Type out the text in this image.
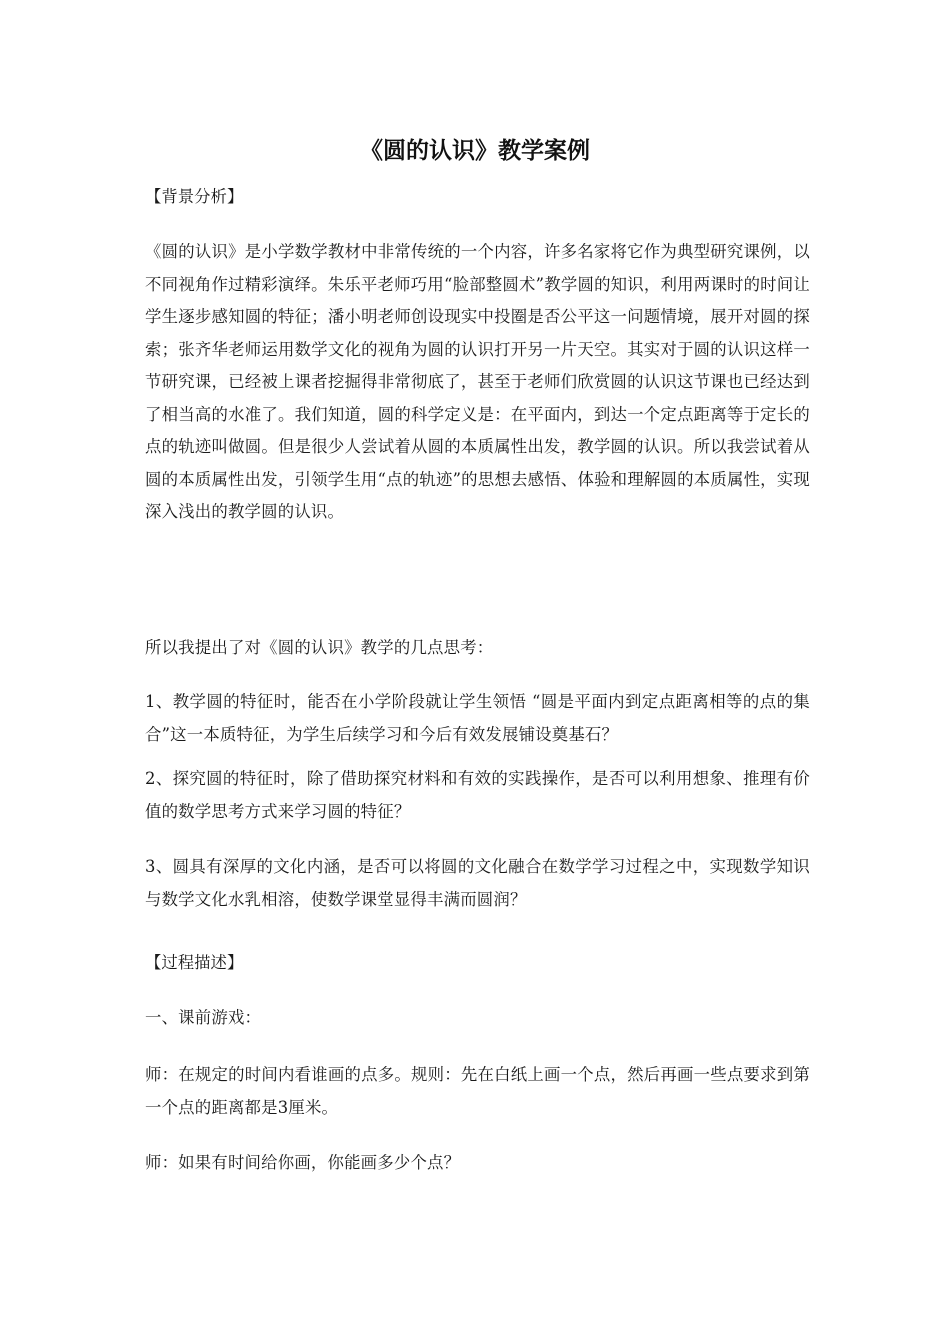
《圆的认识》教学案例

【背景分析】

《圆的认识》是小学数学教材中非常传统的一个内容，许多名家将它作为典型研究课例，以不同视角作过精彩演绎。朱乐平老师巧用“脸部整圆术”教学圆的知识，利用两课时的时间让学生逐步感知圆的特征；潘小明老师创设现实中投圈是否公平这一问题情境，展开对圆的探索；张齐华老师运用数学文化的视角为圆的认识打开另一片天空。其实对于圆的认识这样一节研究课，已经被上课者挖掘得非常彻底了，甚至于老师们欣赏圆的认识这节课也已经达到了相当高的水准了。我们知道，圆的科学定义是：在平面内，到达一个定点距离等于定长的点的轨迹叫做圆。但是很少人尝试着从圆的本质属性出发，教学圆的认识。所以我尝试着从圆的本质属性出发，引领学生用“点的轨迹”的思想去感悟、体验和理解圆的本质属性，实现深入浅出的教学圆的认识。

所以我提出了对《圆的认识》教学的几点思考：

1、教学圆的特征时，能否在小学阶段就让学生领悟 “圆是平面内到定点距离相等的点的集合”这一本质特征，为学生后续学习和今后有效发展铺设奠基石？

2、探究圆的特征时，除了借助探究材料和有效的实践操作，是否可以利用想象、推理有价值的数学思考方式来学习圆的特征？

3、圆具有深厚的文化内涵，是否可以将圆的文化融合在数学学习过程之中，实现数学知识与数学文化水乳相溶，使数学课堂显得丰满而圆润？

【过程描述】

一、课前游戏：

师：在规定的时间内看谁画的点多。规则：先在白纸上画一个点，然后再画一些点要求到第一个点的距离都是3厘米。

师：如果有时间给你画，你能画多少个点？
